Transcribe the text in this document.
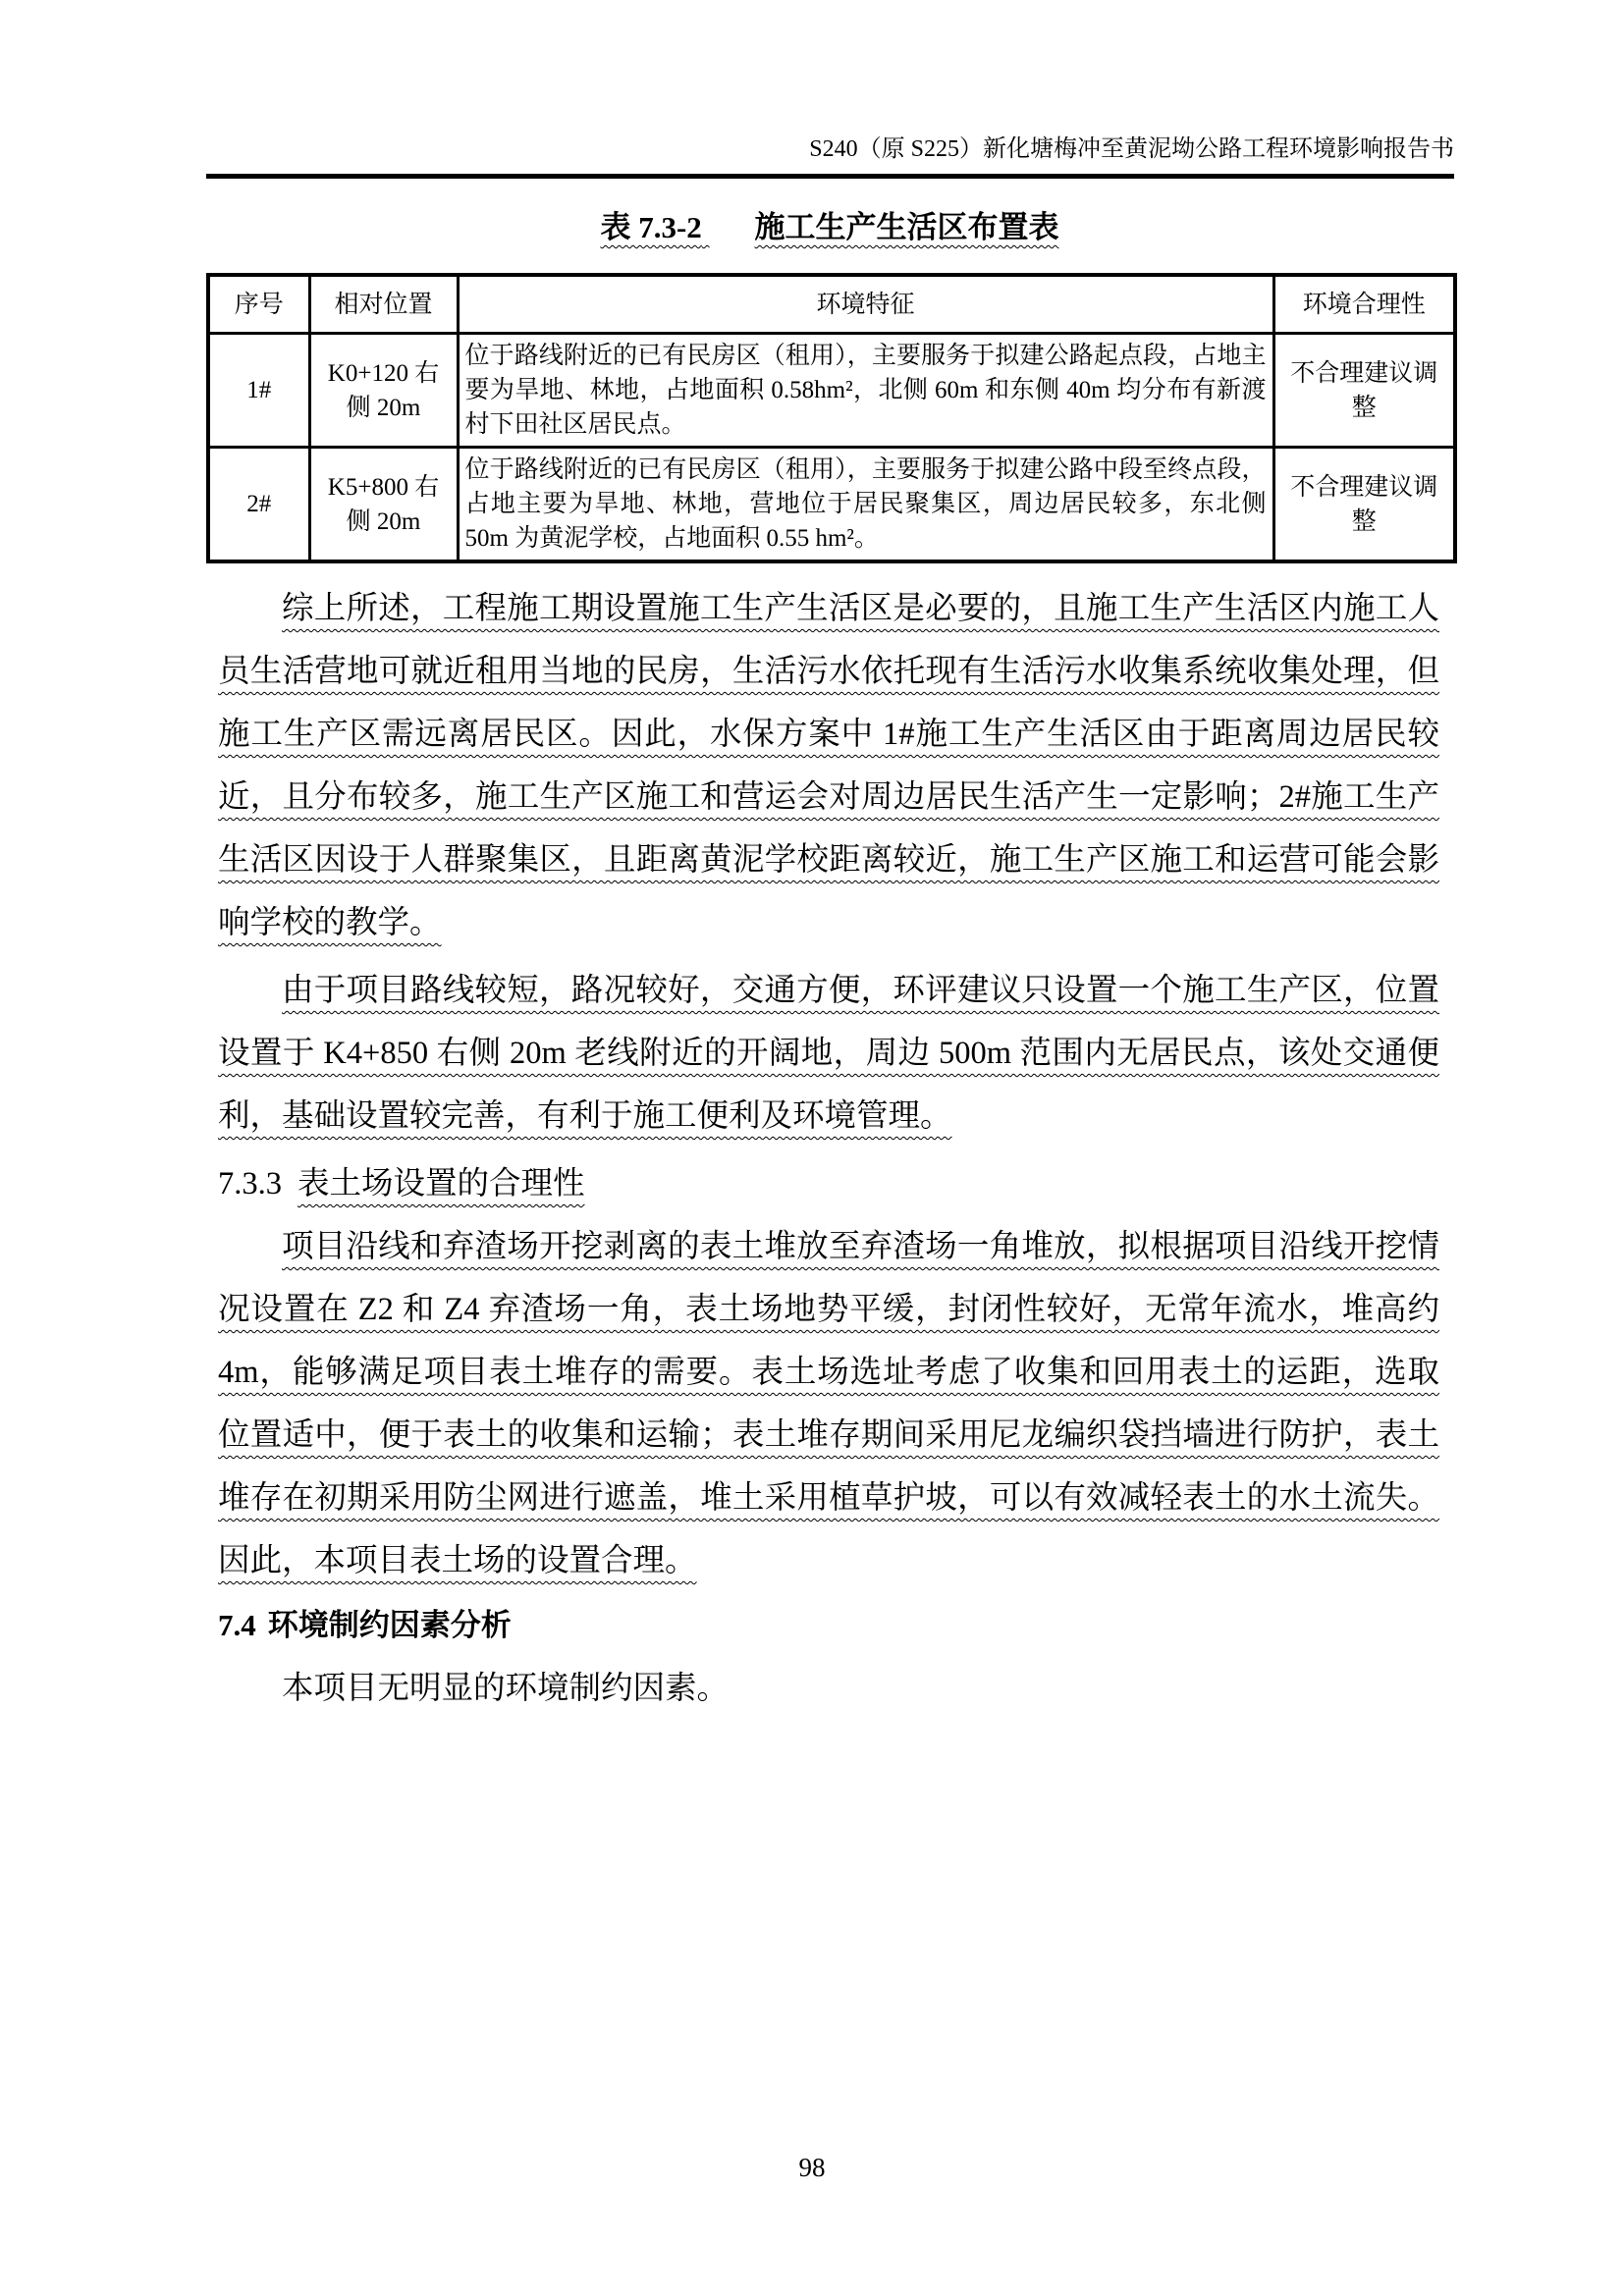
S240（原 S225）新化塘梅冲至黄泥坳公路工程环境影响报告书
表 7.3-2 施工生产生活区布置表
序号	相对位置	环境特征	环境合理性
1#	K0+120 右侧 20m	位于路线附近的已有民房区（租用），主要服务于拟建公路起点段，占地主要为旱地、林地，占地面积 0.58hm²，北侧 60m 和东侧 40m 均分布有新渡村下田社区居民点。	不合理建议调整
2#	K5+800 右侧 20m	位于路线附近的已有民房区（租用），主要服务于拟建公路中段至终点段，占地主要为旱地、林地，营地位于居民聚集区，周边居民较多，东北侧 50m 为黄泥学校，占地面积 0.55 hm²。	不合理建议调整

综上所述，工程施工期设置施工生产生活区是必要的，且施工生产生活区内施工人员生活营地可就近租用当地的民房，生活污水依托现有生活污水收集系统收集处理，但施工生产区需远离居民区。因此，水保方案中 1#施工生产生活区由于距离周边居民较近，且分布较多，施工生产区施工和营运会对周边居民生活产生一定影响；2#施工生产生活区因设于人群聚集区，且距离黄泥学校距离较近，施工生产区施工和运营可能会影响学校的教学。

由于项目路线较短，路况较好，交通方便，环评建议只设置一个施工生产区，位置设置于 K4+850 右侧 20m 老线附近的开阔地，周边 500m 范围内无居民点，该处交通便利，基础设置较完善，有利于施工便利及环境管理。

7.3.3 表土场设置的合理性

项目沿线和弃渣场开挖剥离的表土堆放至弃渣场一角堆放，拟根据项目沿线开挖情况设置在 Z2 和 Z4 弃渣场一角，表土场地势平缓，封闭性较好，无常年流水，堆高约 4m，能够满足项目表土堆存的需要。表土场选址考虑了收集和回用表土的运距，选取位置适中，便于表土的收集和运输；表土堆存期间采用尼龙编织袋挡墙进行防护，表土堆存在初期采用防尘网进行遮盖，堆土采用植草护坡，可以有效减轻表土的水土流失。因此，本项目表土场的设置合理。

7.4 环境制约因素分析

本项目无明显的环境制约因素。

98
